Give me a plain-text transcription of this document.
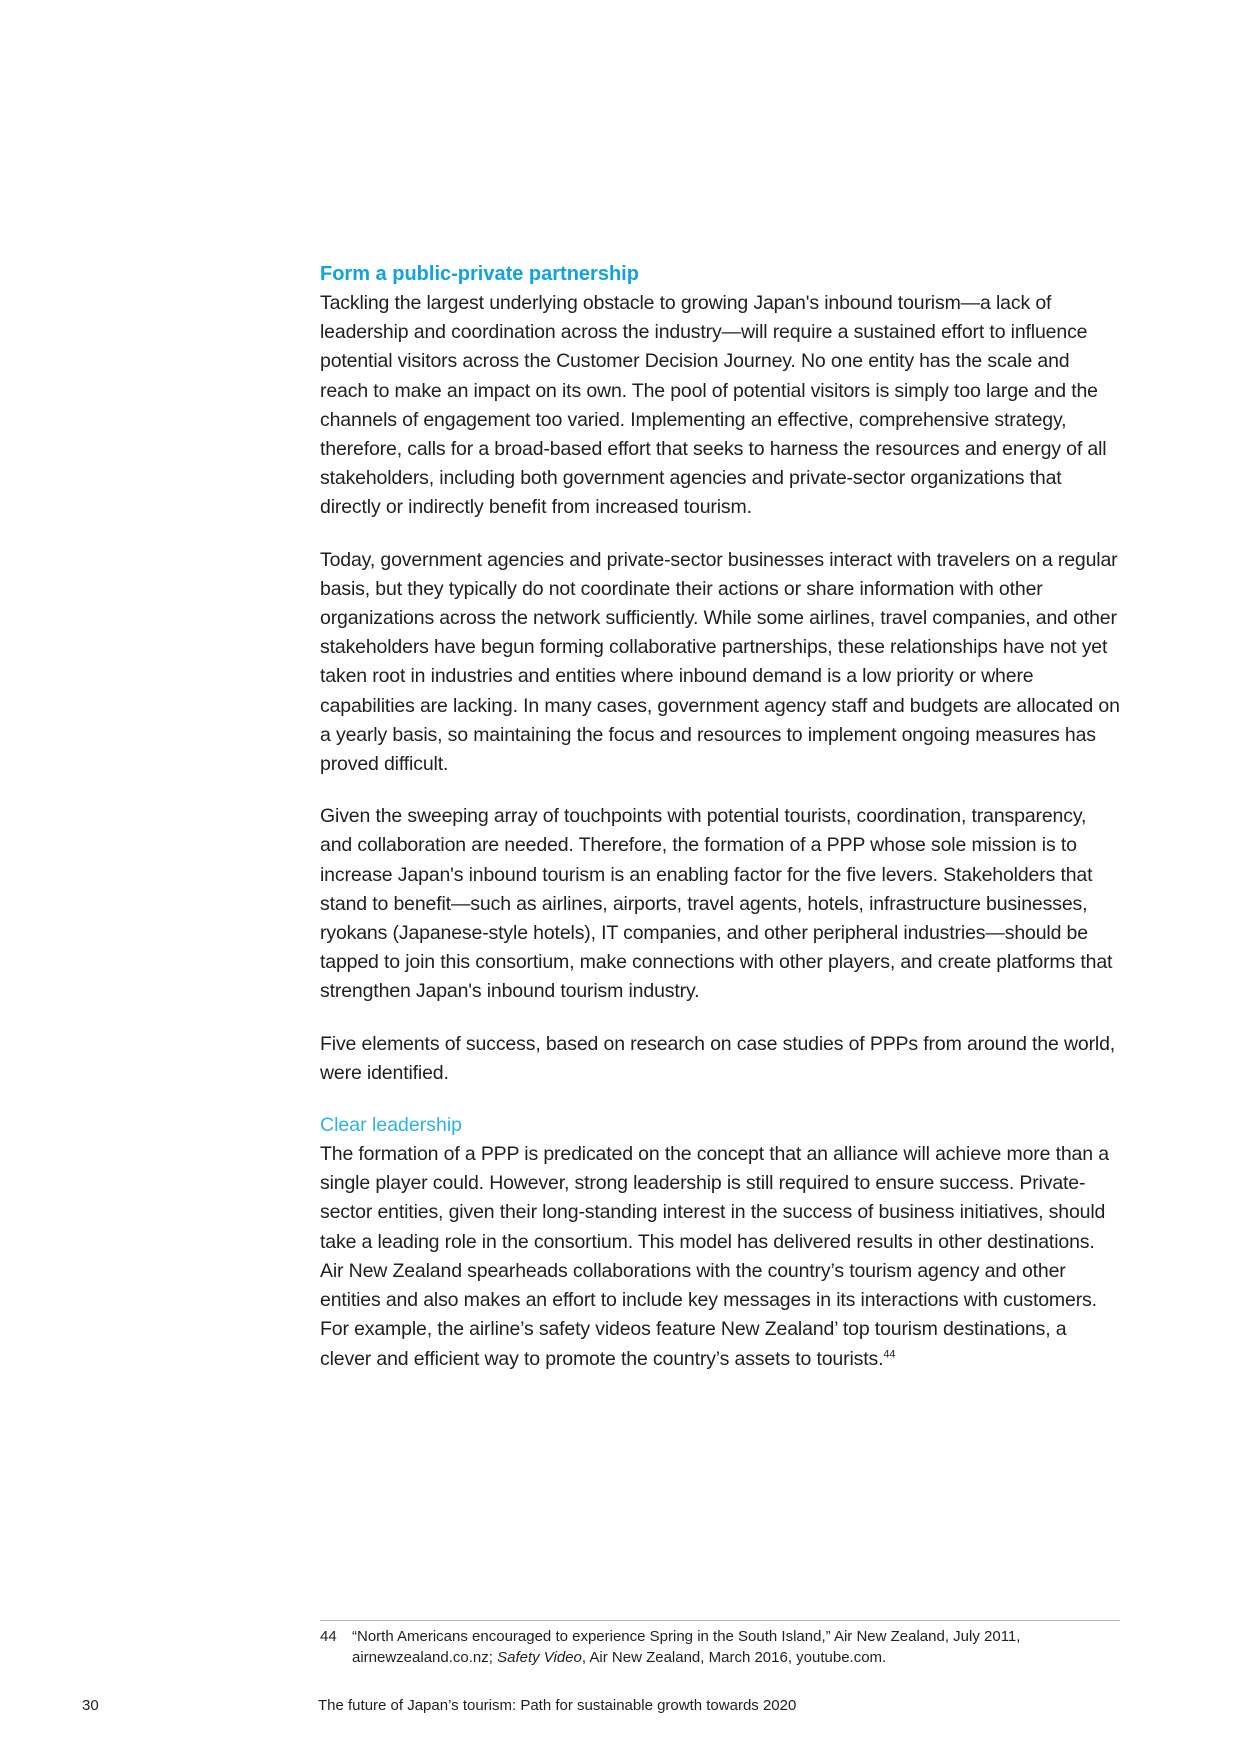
Form a public-private partnership

Tackling the largest underlying obstacle to growing Japan's inbound tourism—a lack of leadership and coordination across the industry—will require a sustained effort to influence potential visitors across the Customer Decision Journey. No one entity has the scale and reach to make an impact on its own. The pool of potential visitors is simply too large and the channels of engagement too varied. Implementing an effective, comprehensive strategy, therefore, calls for a broad-based effort that seeks to harness the resources and energy of all stakeholders, including both government agencies and private-sector organizations that directly or indirectly benefit from increased tourism.

Today, government agencies and private-sector businesses interact with travelers on a regular basis, but they typically do not coordinate their actions or share information with other organizations across the network sufficiently. While some airlines, travel companies, and other stakeholders have begun forming collaborative partnerships, these relationships have not yet taken root in industries and entities where inbound demand is a low priority or where capabilities are lacking. In many cases, government agency staff and budgets are allocated on a yearly basis, so maintaining the focus and resources to implement ongoing measures has proved difficult.

Given the sweeping array of touchpoints with potential tourists, coordination, transparency, and collaboration are needed. Therefore, the formation of a PPP whose sole mission is to increase Japan's inbound tourism is an enabling factor for the five levers. Stakeholders that stand to benefit—such as airlines, airports, travel agents, hotels, infrastructure businesses, ryokans (Japanese-style hotels), IT companies, and other peripheral industries—should be tapped to join this consortium, make connections with other players, and create platforms that strengthen Japan's inbound tourism industry.

Five elements of success, based on research on case studies of PPPs from around the world, were identified.

Clear leadership

The formation of a PPP is predicated on the concept that an alliance will achieve more than a single player could. However, strong leadership is still required to ensure success. Private-sector entities, given their long-standing interest in the success of business initiatives, should take a leading role in the consortium. This model has delivered results in other destinations. Air New Zealand spearheads collaborations with the country’s tourism agency and other entities and also makes an effort to include key messages in its interactions with customers. For example, the airline’s safety videos feature New Zealand’ top tourism destinations, a clever and efficient way to promote the country’s assets to tourists.$^{44}$

44	“North Americans encouraged to experience Spring in the South Island,” Air New Zealand, July 2011, airnewzealand.co.nz; Safety Video, Air New Zealand, March 2016, youtube.com.
30	The future of Japan’s tourism: Path for sustainable growth towards 2020
